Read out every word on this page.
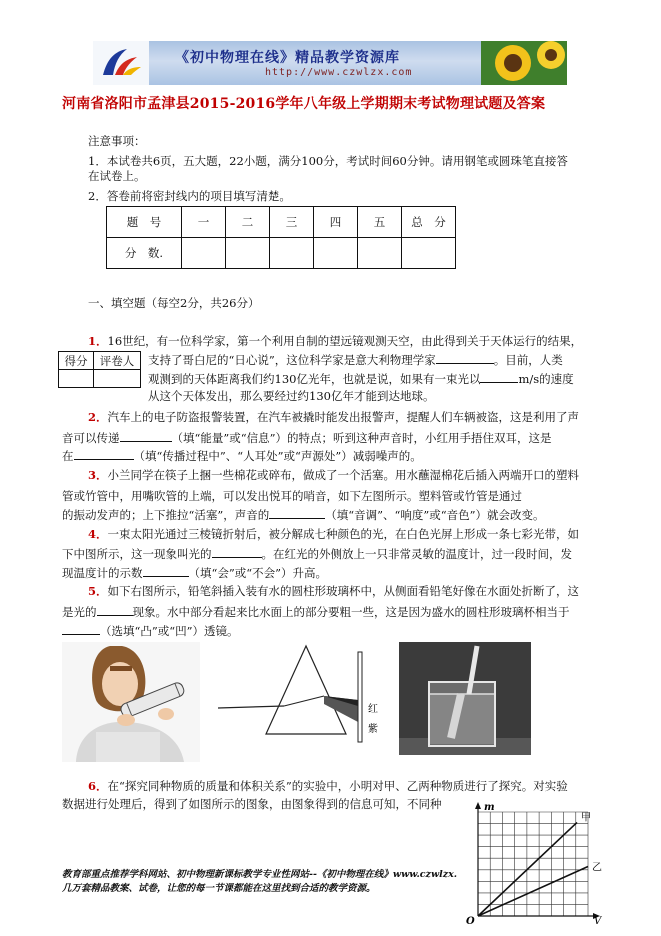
《初中物理在线》精品教学资源库
http://www.czwlzx.com
河南省洛阳市孟津县2015-2016学年八年级上学期期末考试物理试题及答案
注意事项：
1．本试卷共6页，五大题，22小题，满分100分，考试时间60分钟。请用钢笔或圆珠笔直接答
在试卷上。
2．答卷前将密封线内的项目填写清楚。
题　号	一	二	三	四	五	总　分
分　数.						
一、填空题（每空2分，共26分）
得分	评卷人

1．16世纪，有一位科学家，第一个利用自制的望远镜观测天空，由此得到关于天体运行的结果，
支持了哥白尼的“日心说”，这位科学家是意大利物理学家	。目前，人类
观测到的天体距离我们约130亿光年，也就是说，如果有一束光以	m/s的速度
从这个天体发出，那么要经过约130亿年才能到达地球。
2．汽车上的电子防盗报警装置，在汽车被撬时能发出报警声，提醒人们车辆被盗，这是利用了声
音可以传递	（填“能量”或“信息”）的特点；听到这种声音时，小红用手捂住双耳，这是
在	（填“传播过程中”、“人耳处”或“声源处”）减弱噪声的。
3．小兰同学在筷子上捆一些棉花或碎布，做成了一个活塞。用水蘸湿棉花后插入两端开口的塑料
管或竹管中，用嘴吹管的上端，可以发出悦耳的哨音，如下左图所示。塑料管或竹管是通过
的振动发声的；上下推拉“活塞”，声音的	（填“音调”、“响度”或“音色”）就会改变。
4．一束太阳光通过三棱镜折射后，被分解成七种颜色的光，在白色光屏上形成一条七彩光带，如
下中图所示，这一现象叫光的	。在红光的外侧放上一只非常灵敏的温度计，过一段时间，发
现温度计的示数	（填“会”或“不会”）升高。
5．如下右图所示，铅笔斜插入装有水的圆柱形玻璃杯中，从侧面看铅笔好像在水面处折断了，这
是光的	现象。水中部分看起来比水面上的部分要粗一些，这是因为盛水的圆柱形玻璃杯相当于
（选填“凸”或“凹”）透镜。
红
紫
6．在“探究同种物质的质量和体积关系”的实验中，小明对甲、乙两种物质进行了探究。对实验
数据进行处理后，得到了如图所示的图象，由图象得到的信息可知，不同种
甲
乙
m
V
O
教育部重点推荐学科网站、初中物理新课标教学专业性网站--《初中物理在线》www.czwlzx.
几万套精品教案、试卷，让您的每一节课都能在这里找到合适的教学资源。
